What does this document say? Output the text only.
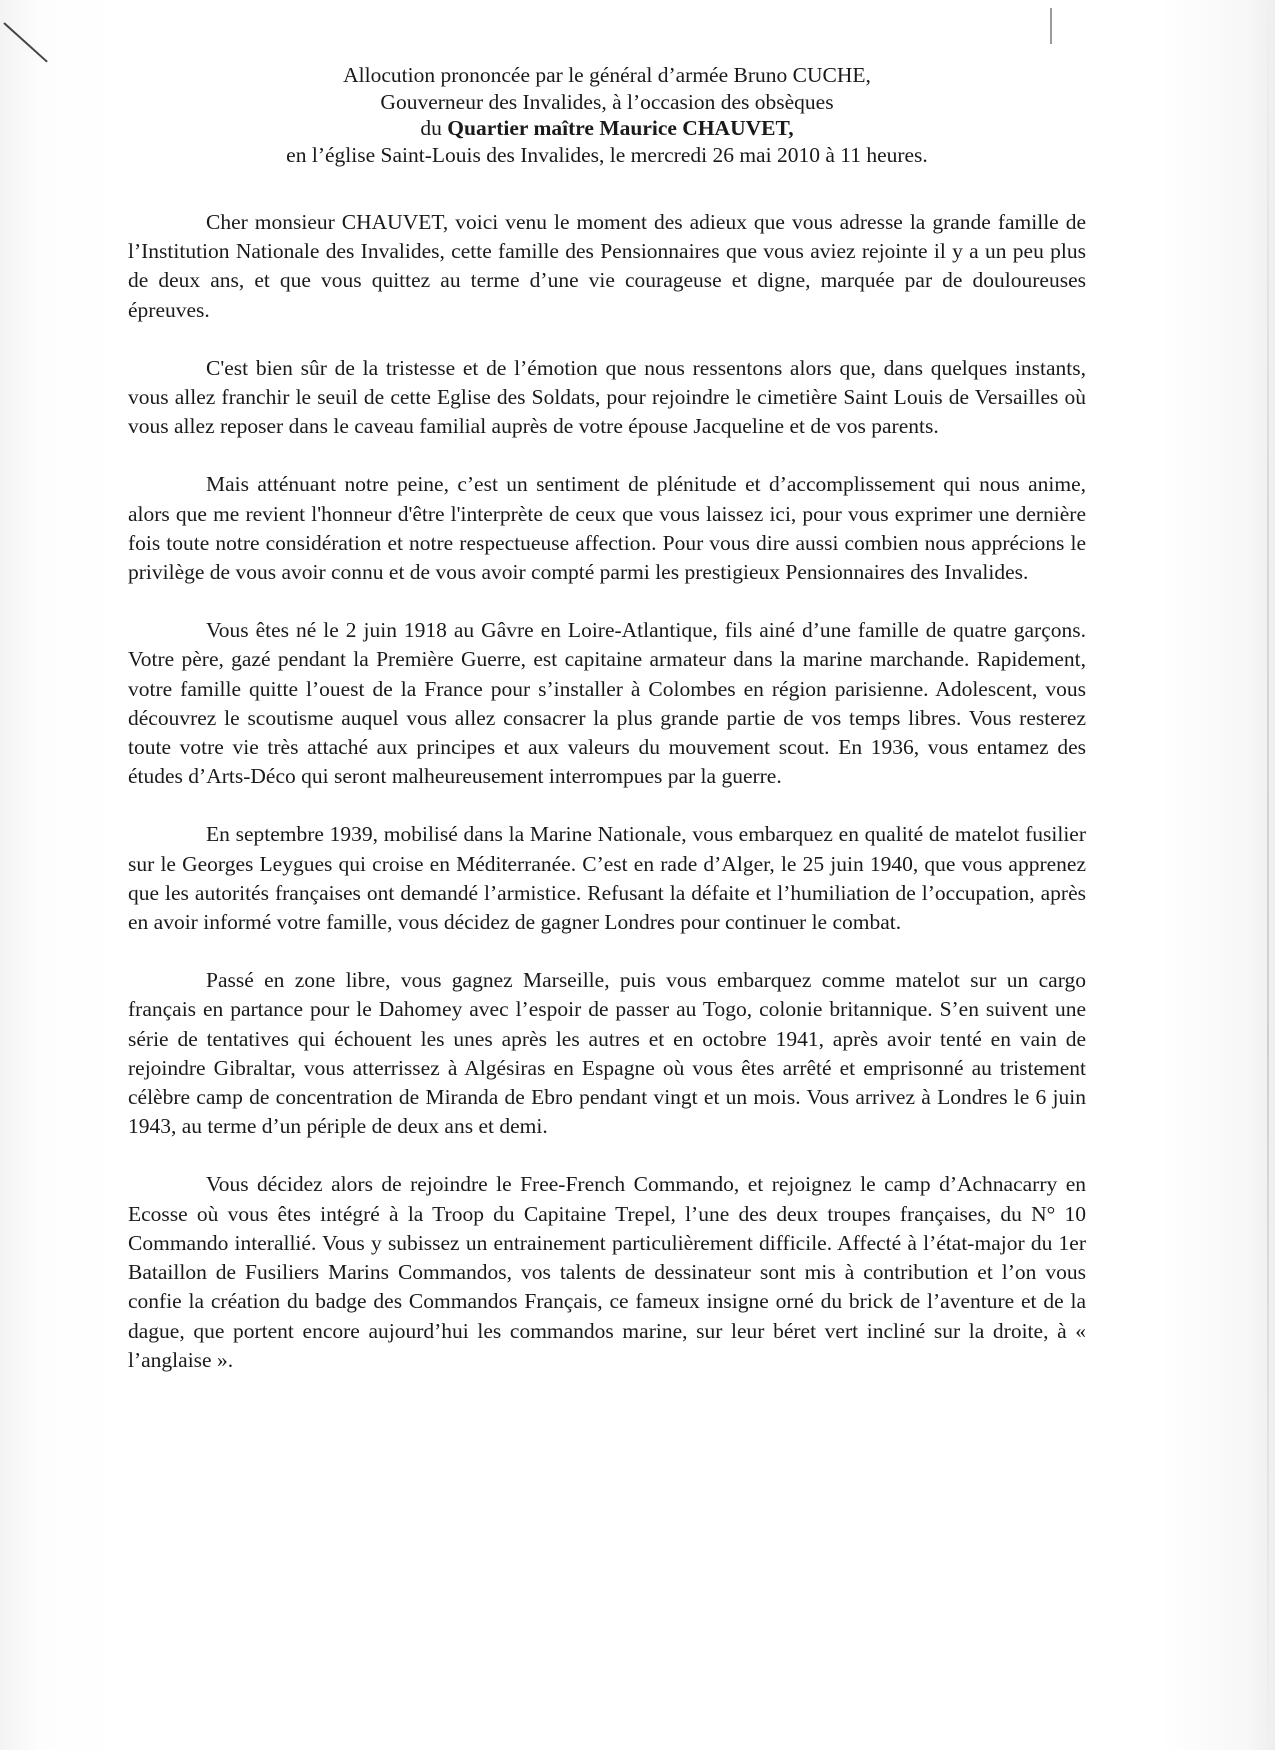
Allocution prononcée par le général d’armée Bruno CUCHE,
Gouverneur des Invalides, à l’occasion des obsèques
du Quartier maître Maurice CHAUVET,
en l’église Saint-Louis des Invalides, le mercredi 26 mai 2010 à 11 heures.

Cher monsieur CHAUVET, voici venu le moment des adieux que vous adresse la grande famille de l’Institution Nationale des Invalides, cette famille des Pensionnaires que vous aviez rejointe il y a un peu plus de deux ans, et que vous quittez au terme d’une vie courageuse et digne, marquée par de douloureuses épreuves.

C'est bien sûr de la tristesse et de l’émotion que nous ressentons alors que, dans quelques instants, vous allez franchir le seuil de cette Eglise des Soldats, pour rejoindre le cimetière Saint Louis de Versailles où vous allez reposer dans le caveau familial auprès de votre épouse Jacqueline et de vos parents.

Mais atténuant notre peine, c’est un sentiment de plénitude et d’accomplissement qui nous anime, alors que me revient l'honneur d'être l'interprète de ceux que vous laissez ici, pour vous exprimer une dernière fois toute notre considération et notre respectueuse affection. Pour vous dire aussi combien nous apprécions le privilège de vous avoir connu et de vous avoir compté parmi les prestigieux Pensionnaires des Invalides.

Vous êtes né le 2 juin 1918 au Gâvre en Loire-Atlantique, fils ainé d’une famille de quatre garçons. Votre père, gazé pendant la Première Guerre, est capitaine armateur dans la marine marchande. Rapidement, votre famille quitte l’ouest de la France pour s’installer à Colombes en région parisienne. Adolescent, vous découvrez le scoutisme auquel vous allez consacrer la plus grande partie de vos temps libres. Vous resterez toute votre vie très attaché aux principes et aux valeurs du mouvement scout. En 1936, vous entamez des études d’Arts-Déco qui seront malheureusement interrompues par la guerre.

En septembre 1939, mobilisé dans la Marine Nationale, vous embarquez en qualité de matelot fusilier sur le Georges Leygues qui croise en Méditerranée. C’est en rade d’Alger, le 25 juin 1940, que vous apprenez que les autorités françaises ont demandé l’armistice. Refusant la défaite et l’humiliation de l’occupation, après en avoir informé votre famille, vous décidez de gagner Londres pour continuer le combat.

Passé en zone libre, vous gagnez Marseille, puis vous embarquez comme matelot sur un cargo français en partance pour le Dahomey avec l’espoir de passer au Togo, colonie britannique. S’en suivent une série de tentatives qui échouent les unes après les autres et en octobre 1941, après avoir tenté en vain de rejoindre Gibraltar, vous atterrissez à Algésiras en Espagne où vous êtes arrêté et emprisonné au tristement célèbre camp de concentration de Miranda de Ebro pendant vingt et un mois. Vous arrivez à Londres le 6 juin 1943, au terme d’un périple de deux ans et demi.

Vous décidez alors de rejoindre le Free-French Commando, et rejoignez le camp d’Achnacarry en Ecosse où vous êtes intégré à la Troop du Capitaine Trepel, l’une des deux troupes françaises, du N° 10 Commando interallié. Vous y subissez un entrainement particulièrement difficile. Affecté à l’état-major du 1er Bataillon de Fusiliers Marins Commandos, vos talents de dessinateur sont mis à contribution et l’on vous confie la création du badge des Commandos Français, ce fameux insigne orné du brick de l’aventure et de la dague, que portent encore aujourd’hui les commandos marine, sur leur béret vert incliné sur la droite, à « l’anglaise ».
